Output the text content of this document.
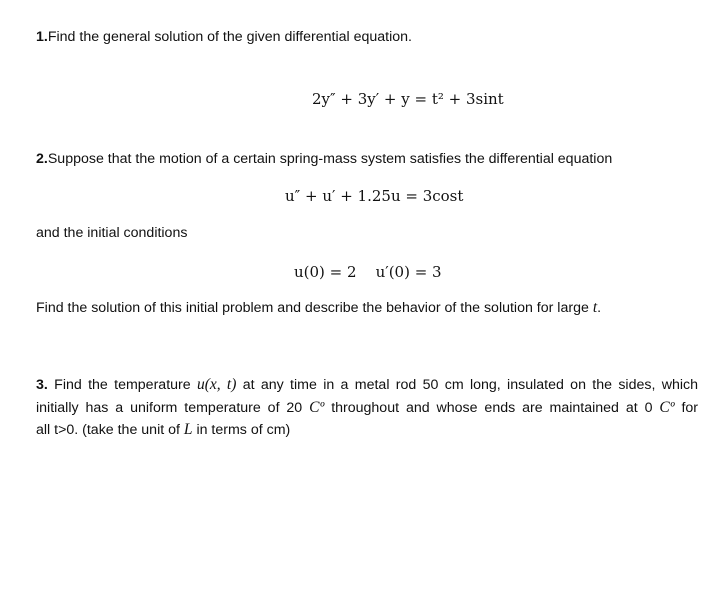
1.Find the general solution of the given differential equation.
2y″ + 3y′ + y = t² + 3sint
2.Suppose that the motion of a certain spring-mass system satisfies the differential equation
u″ + u′ + 1.25u = 3cost
and the initial conditions
u(0) = 2    u′(0) = 3
Find the solution of this initial problem and describe the behavior of the solution for large t.
3. Find the temperature u(x, t) at any time in a metal rod 50 cm long, insulated on the sides, which
initially has a uniform temperature of 20 Cº throughout and whose ends are maintained at 0 Cº for
all t>0. (take the unit of L in terms of cm)
